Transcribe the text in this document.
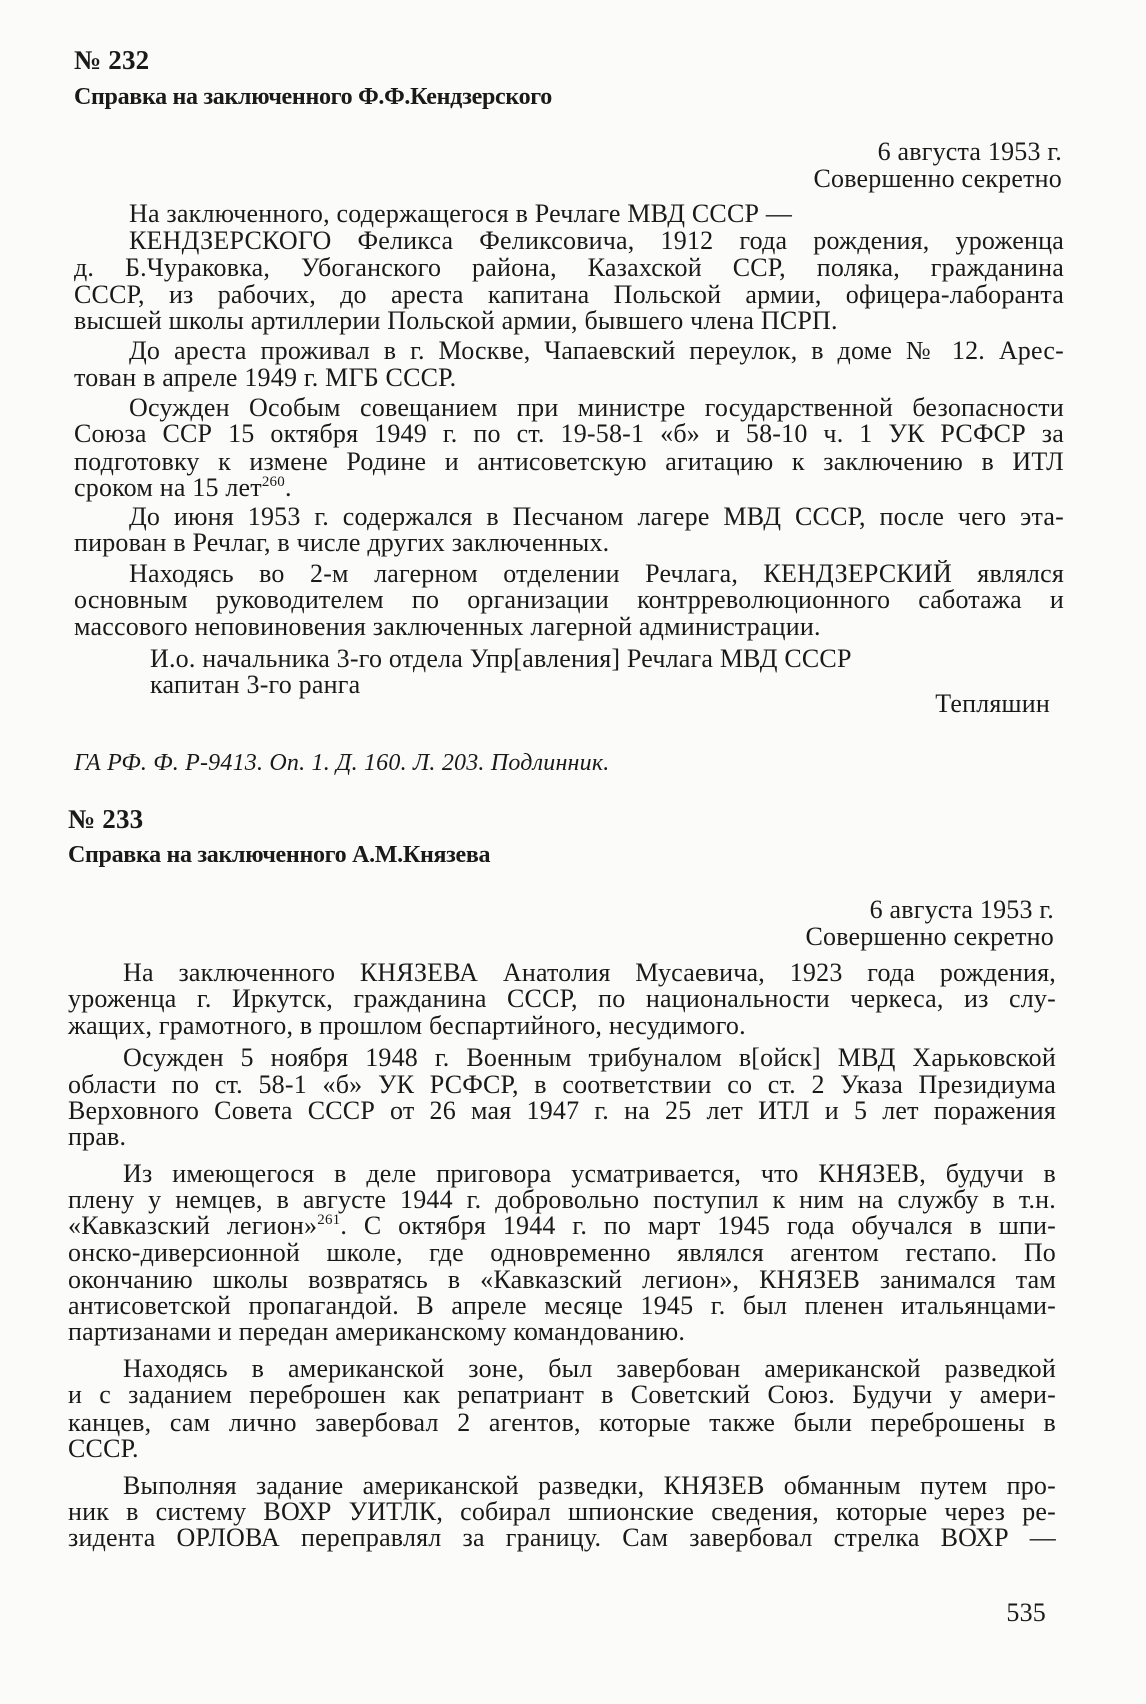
№ 232
Справка на заключенного Ф.Ф.Кендзерского
6 августа 1953 г.
Совершенно секретно
На заключенного, содержащегося в Речлаге МВД СССР —
КЕНДЗЕРСКОГО Феликса Феликсовича, 1912 года рождения, уроженца
д. Б.Чураковка, Убоганского района, Казахской ССР, поляка, гражданина
СССР, из рабочих, до ареста капитана Польской армии, офицера-лаборанта
высшей школы артиллерии Польской армии, бывшего члена ПСРП.
До ареста проживал в г. Москве, Чапаевский переулок, в доме № 12. Арес-
тован в апреле 1949 г. МГБ СССР.
Осужден Особым совещанием при министре государственной безопасности
Союза ССР 15 октября 1949 г. по ст. 19-58-1 «б» и 58-10 ч. 1 УК РСФСР за
подготовку к измене Родине и антисоветскую агитацию к заключению в ИТЛ
сроком на 15 лет$^{260}$.
До июня 1953 г. содержался в Песчаном лагере МВД СССР, после чего эта-
пирован в Речлаг, в числе других заключенных.
Находясь во 2-м лагерном отделении Речлага, КЕНДЗЕРСКИЙ являлся
основным руководителем по организации контрреволюционного саботажа и
массового неповиновения заключенных лагерной администрации.
И.о. начальника 3-го отдела Упр[авления] Речлага МВД СССР
капитан 3-го ранга
Тепляшин
ГА РФ. Ф. Р-9413. Оп. 1. Д. 160. Л. 203. Подлинник.
№ 233
Справка на заключенного А.М.Князева
6 августа 1953 г.
Совершенно секретно
На заключенного КНЯЗЕВА Анатолия Мусаевича, 1923 года рождения,
уроженца г. Иркутск, гражданина СССР, по национальности черкеса, из слу-
жащих, грамотного, в прошлом беспартийного, несудимого.
Осужден 5 ноября 1948 г. Военным трибуналом в[ойск] МВД Харьковской
области по ст. 58-1 «б» УК РСФСР, в соответствии со ст. 2 Указа Президиума
Верховного Совета СССР от 26 мая 1947 г. на 25 лет ИТЛ и 5 лет поражения
прав.
Из имеющегося в деле приговора усматривается, что КНЯЗЕВ, будучи в
плену у немцев, в августе 1944 г. добровольно поступил к ним на службу в т.н.
«Кавказский легион»$^{261}$. С октября 1944 г. по март 1945 года обучался в шпи-
онско-диверсионной школе, где одновременно являлся агентом гестапо. По
окончанию школы возвратясь в «Кавказский легион», КНЯЗЕВ занимался там
антисоветской пропагандой. В апреле месяце 1945 г. был пленен итальянцами-
партизанами и передан американскому командованию.
Находясь в американской зоне, был завербован американской разведкой
и с заданием переброшен как репатриант в Советский Союз. Будучи у амери-
канцев, сам лично завербовал 2 агентов, которые также были переброшены в
СССР.
Выполняя задание американской разведки, КНЯЗЕВ обманным путем про-
ник в систему ВОХР УИТЛК, собирал шпионские сведения, которые через ре-
зидента ОРЛОВА переправлял за границу. Сам завербовал стрелка ВОХР —
535
